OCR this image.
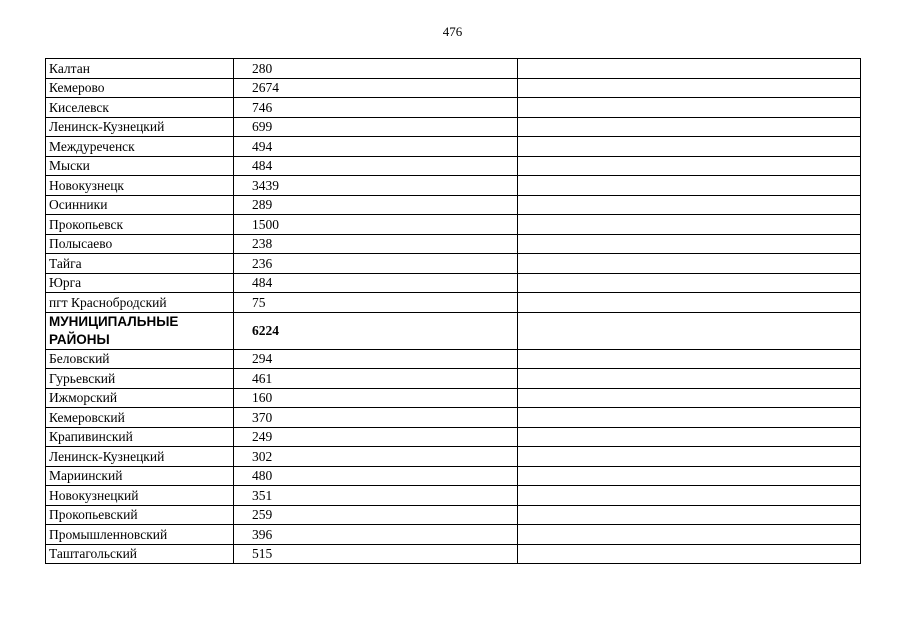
476
Калтан	280	
Кемерово	2674	
Киселевск	746	
Ленинск-Кузнецкий	699	
Междуреченск	494	
Мыски	484	
Новокузнецк	3439	
Осинники	289	
Прокопьевск	1500	
Полысаево	238	
Тайга	236	
Юрга	484	
пгт Краснобродский	75	
МУНИЦИПАЛЬНЫЕ РАЙОНЫ	6224	
Беловский	294	
Гурьевский	461	
Ижморский	160	
Кемеровский	370	
Крапивинский	249	
Ленинск-Кузнецкий	302	
Мариинский	480	
Новокузнецкий	351	
Прокопьевский	259	
Промышленновский	396	
Таштагольский	515	
